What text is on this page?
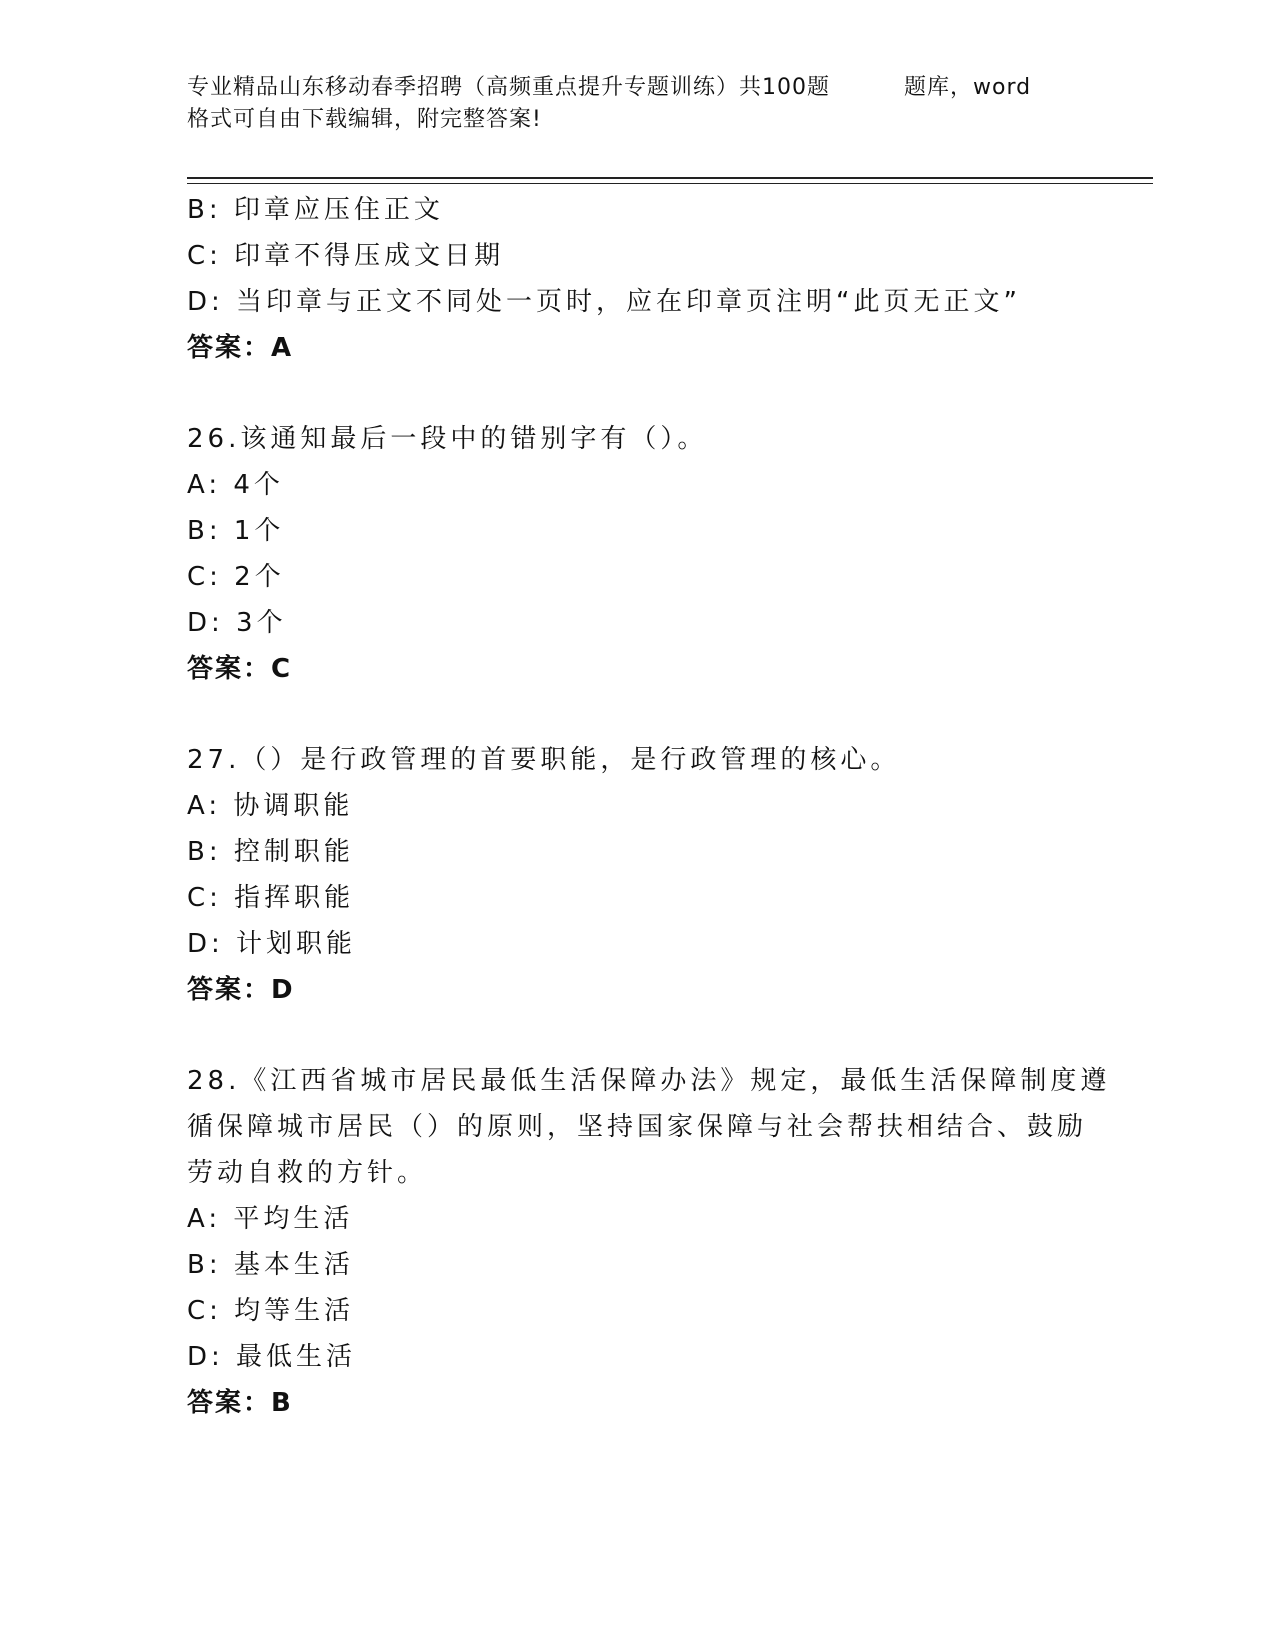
专业精品山东移动春季招聘（高频重点提升专题训练）共100题	题库，word
格式可自由下载编辑，附完整答案!
B: 印章应压住正文
C: 印章不得压成文日期
D: 当印章与正文不同处一页时，应在印章页注明“此页无正文”
答案：A
26.该通知最后一段中的错别字有（）。
A: 4个
B: 1个
C: 2个
D: 3个
答案：C
27.（）是行政管理的首要职能，是行政管理的核心。
A: 协调职能
B: 控制职能
C: 指挥职能
D: 计划职能
答案：D
28.《江西省城市居民最低生活保障办法》规定，最低生活保障制度遵
循保障城市居民（）的原则，坚持国家保障与社会帮扶相结合、鼓励
劳动自救的方针。
A: 平均生活
B: 基本生活
C: 均等生活
D: 最低生活
答案：B
